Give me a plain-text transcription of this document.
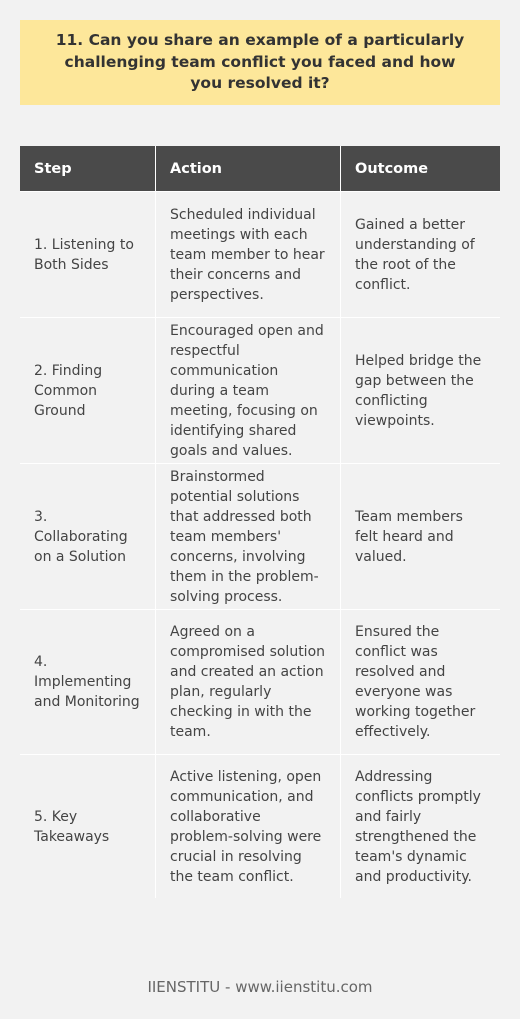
11. Can you share an example of a particularly challenging team conflict you faced and how you resolved it?
Step	Action	Outcome
1. Listening to Both Sides	Scheduled individual meetings with each team member to hear their concerns and perspectives.	Gained a better understanding of the root of the conflict.
2. Finding Common Ground	Encouraged open and respectful communication during a team meeting, focusing on identifying shared goals and values.	Helped bridge the gap between the conflicting viewpoints.
3. Collaborating on a Solution	Brainstormed potential solutions that addressed both team members' concerns, involving them in the problem-solving process.	Team members felt heard and valued.
4. Implementing and Monitoring	Agreed on a compromised solution and created an action plan, regularly checking in with the team.	Ensured the conflict was resolved and everyone was working together effectively.
5. Key Takeaways	Active listening, open communication, and collaborative problem-solving were crucial in resolving the team conflict.	Addressing conflicts promptly and fairly strengthened the team's dynamic and productivity.
IIENSTITU - www.iienstitu.com
